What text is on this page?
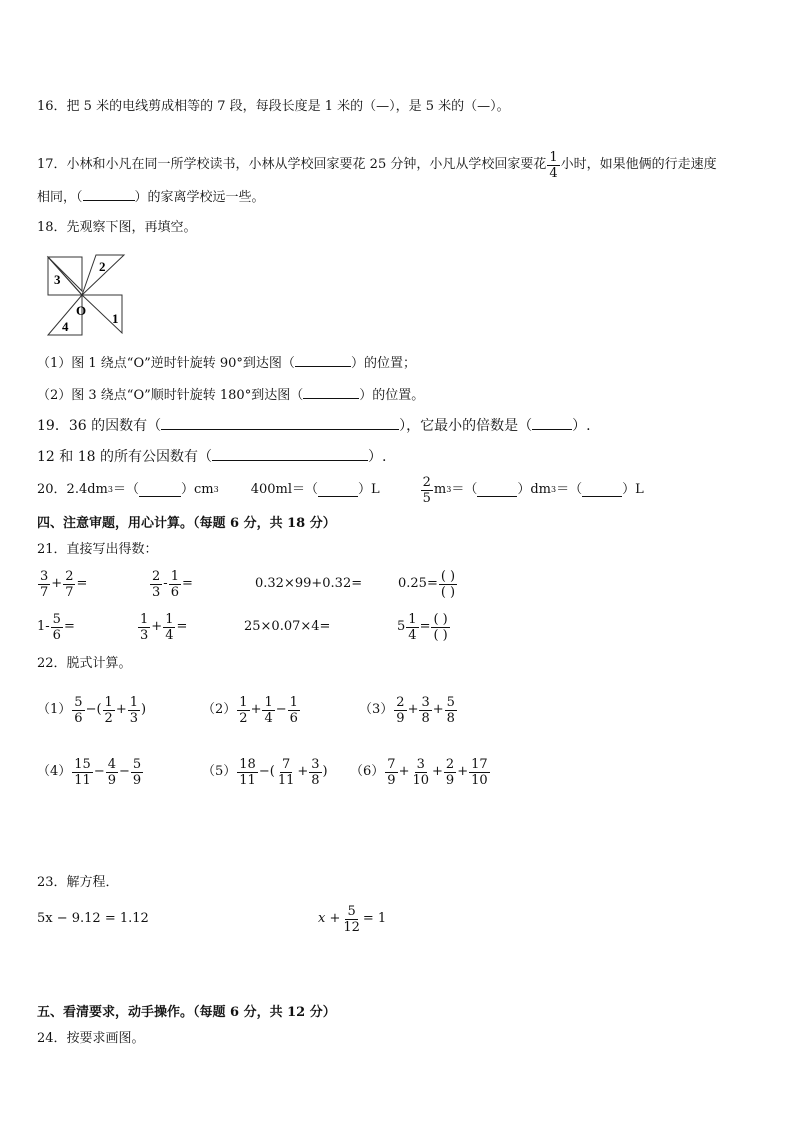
16．把 5 米的电线剪成相等的 7 段，每段长度是 1 米的（—），是 5 米的（—）。
17．小林和小凡在同一所学校读书，小林从学校回家要花 25 分钟，小凡从学校回家要花 1
4
小时，如果他俩的行走速度
相同，（	）的家离学校远一些。
18．先观察下图，再填空。
3
2
1
4
O
（1）图 1 绕点“O”逆时针旋转 90°到达图（	）的位置；
（2）图 3 绕点“O”顺时针旋转 180°到达图（	）的位置。
19．36 的因数有（	），它最小的倍数是（	）.
12 和 18 的所有公因数有（	）.
20．2.4dm 3 ＝（	）cm 3 400ml＝（	）L	2
5
m 3 ＝（	）dm 3 ＝（	）L
四、注意审题，用心计算。（每题 6 分，共 18 分）
21．直接写出得数：
3
7
+ $\frac{2}{7}$ =	2
3
- $\frac{1}{6}$ =	0.32×99+0.32=	0.25= ( )
( )
$1- \frac{5}{6}$ =	1
3
+ $\frac{1}{4}$ =	25×0.07×4=	$5 \frac{1}{4}$ = ( )
( )
22．脱式计算。
（1） 5
6
− ( 1
2
+ $\frac{1}{3}$ )	（2） 1
2
+ $\frac{1}{4} - \frac{1}{6}$	（3） 2
9
+ $\frac{3}{8} + \frac{5}{8}$
（4） 15
11
− $\frac{4}{9} - \frac{5}{9}$	（5） 18
11
− ( 7
11
+ $\frac{3}{8}$ ) （6） 7
9
+ $\frac{3}{10} + \frac{2}{9} + \frac{17}{10}$
23．解方程．
5x − 9.12 = 1.12	$x + \frac{5}{12} = 1$
五、看清要求，动手操作。（每题 6 分，共 12 分）
24．按要求画图。
